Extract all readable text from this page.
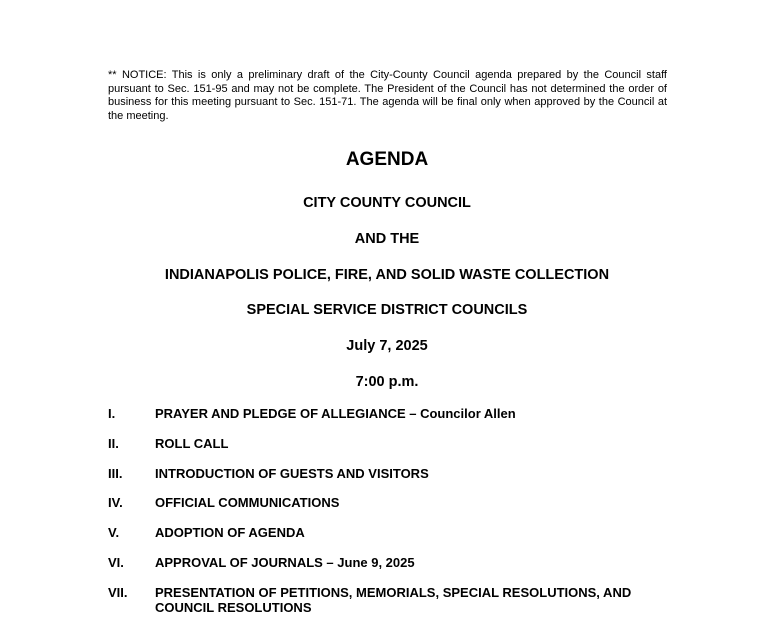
** NOTICE: This is only a preliminary draft of the City-County Council agenda prepared by the Council staff pursuant to Sec. 151-95 and may not be complete. The President of the Council has not determined the order of business for this meeting pursuant to Sec. 151-71. The agenda will be final only when approved by the Council at the meeting.

AGENDA
CITY COUNTY COUNCIL
AND THE
INDIANAPOLIS POLICE, FIRE, AND SOLID WASTE COLLECTION
SPECIAL SERVICE DISTRICT COUNCILS
July 7, 2025
7:00 p.m.
I.	PRAYER AND PLEDGE OF ALLEGIANCE – Councilor Allen
II.	ROLL CALL
III.	INTRODUCTION OF GUESTS AND VISITORS
IV.	OFFICIAL COMMUNICATIONS
V.	ADOPTION OF AGENDA
VI.	APPROVAL OF JOURNALS – June 9, 2025
VII.	PRESENTATION OF PETITIONS, MEMORIALS, SPECIAL RESOLUTIONS, AND COUNCIL RESOLUTIONS
